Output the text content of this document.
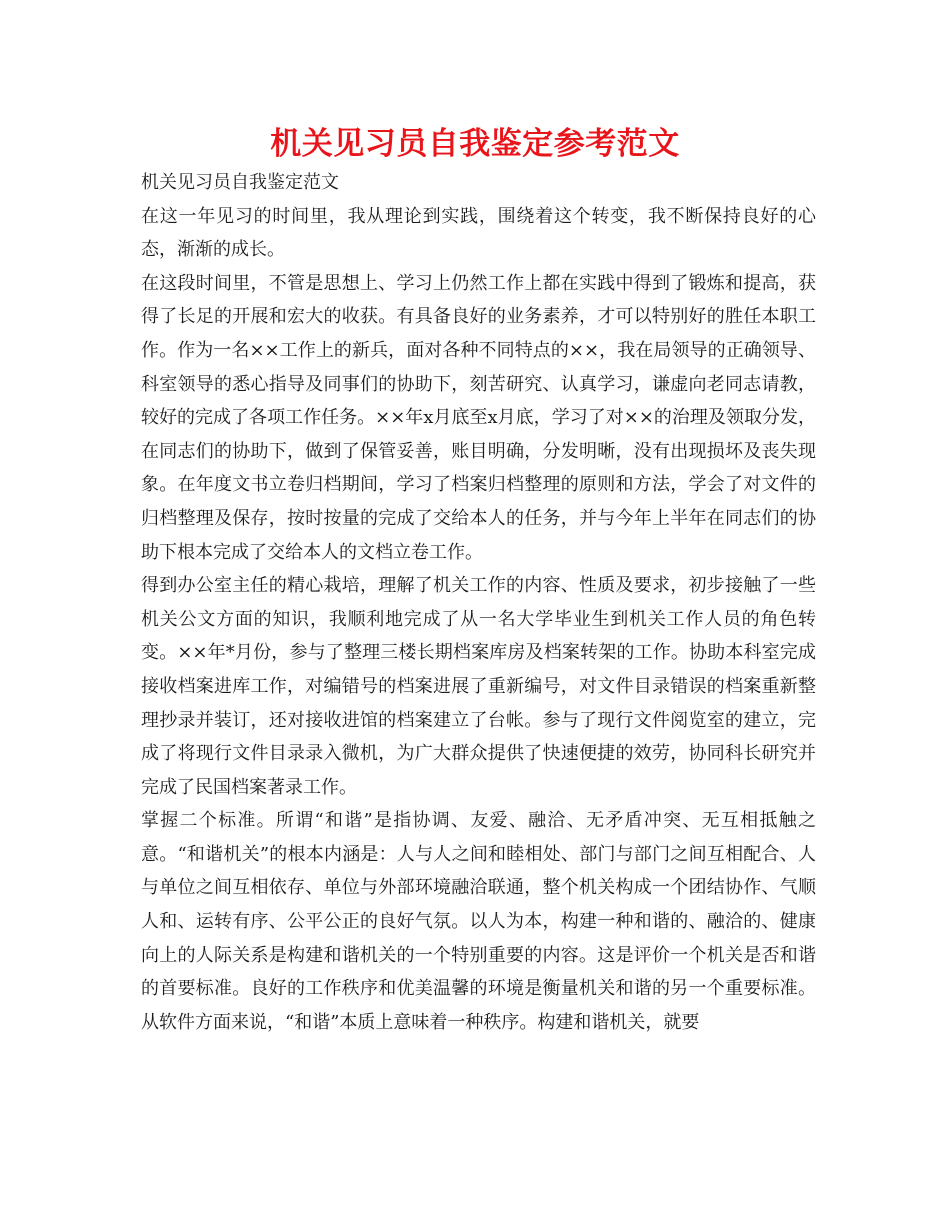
机关见习员自我鉴定参考范文

机关见习员自我鉴定范文

在这一年见习的时间里，我从理论到实践，围绕着这个转变，我不断保持良好的心态，渐渐的成长。

在这段时间里，不管是思想上、学习上仍然工作上都在实践中得到了锻炼和提高，获得了长足的开展和宏大的收获。有具备良好的业务素养，才可以特别好的胜任本职工作。作为一名××工作上的新兵，面对各种不同特点的××，我在局领导的正确领导、科室领导的悉心指导及同事们的协助下，刻苦研究、认真学习，谦虚向老同志请教，较好的完成了各项工作任务。××年x月底至x月底，学习了对××的治理及领取分发，在同志们的协助下，做到了保管妥善，账目明确，分发明晰，没有出现损坏及丧失现象。在年度文书立卷归档期间，学习了档案归档整理的原则和方法，学会了对文件的归档整理及保存，按时按量的完成了交给本人的任务，并与今年上半年在同志们的协助下根本完成了交给本人的文档立卷工作。

得到办公室主任的精心栽培，理解了机关工作的内容、性质及要求，初步接触了一些机关公文方面的知识，我顺利地完成了从一名大学毕业生到机关工作人员的角色转变。××年*月份，参与了整理三楼长期档案库房及档案转架的工作。协助本科室完成接收档案进库工作，对编错号的档案进展了重新编号，对文件目录错误的档案重新整理抄录并装订，还对接收进馆的档案建立了台帐。参与了现行文件阅览室的建立，完成了将现行文件目录录入微机，为广大群众提供了快速便捷的效劳，协同科长研究并完成了民国档案著录工作。

掌握二个标准。所谓“和谐”是指协调、友爱、融洽、无矛盾冲突、无互相抵触之意。“和谐机关”的根本内涵是：人与人之间和睦相处、部门与部门之间互相配合、人与单位之间互相依存、单位与外部环境融洽联通，整个机关构成一个团结协作、气顺人和、运转有序、公平公正的良好气氛。以人为本，构建一种和谐的、融洽的、健康向上的人际关系是构建和谐机关的一个特别重要的内容。这是评价一个机关是否和谐的首要标准。良好的工作秩序和优美温馨的环境是衡量机关和谐的另一个重要标准。从软件方面来说，“和谐”本质上意味着一种秩序。构建和谐机关，就要
